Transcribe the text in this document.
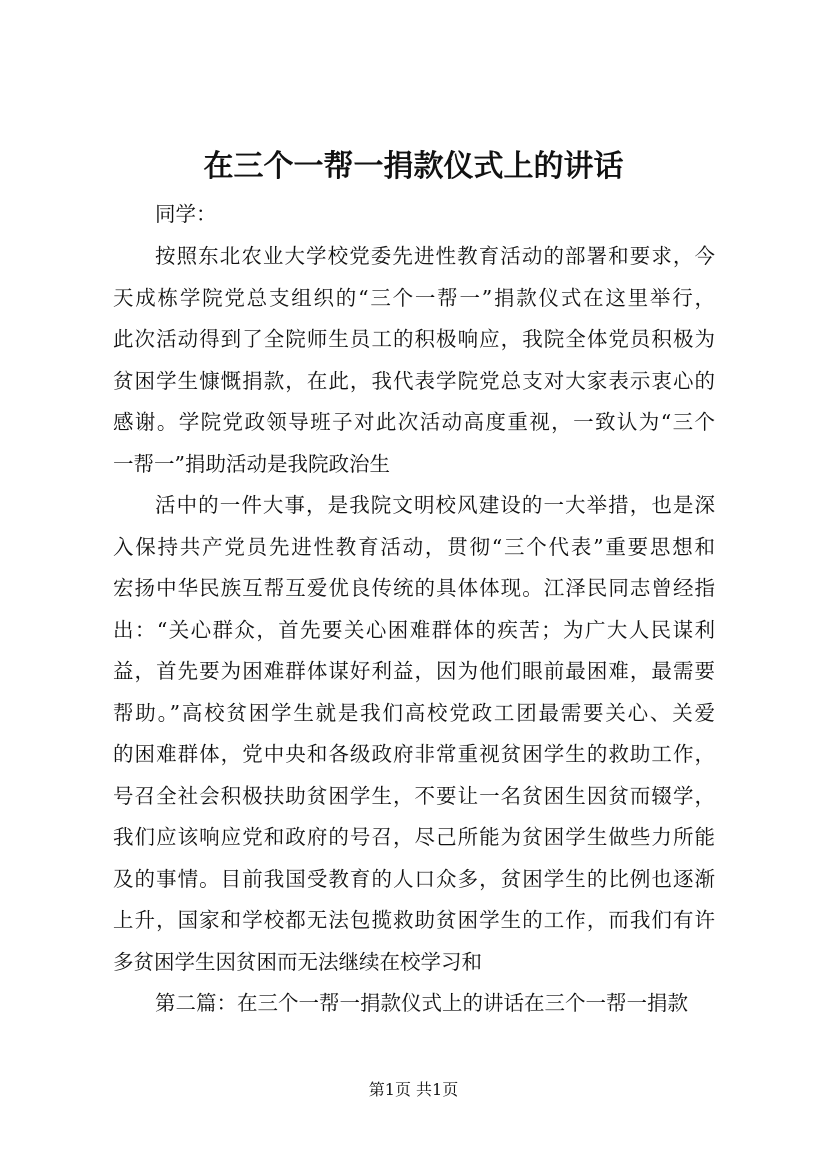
在三个一帮一捐款仪式上的讲话
同学：
按照东北农业大学校党委先进性教育活动的部署和要求，今
天成栋学院党总支组织的“三个一帮一”捐款仪式在这里举行，
此次活动得到了全院师生员工的积极响应，我院全体党员积极为
贫困学生慷慨捐款，在此，我代表学院党总支对大家表示衷心的
感谢。学院党政领导班子对此次活动高度重视，一致认为“三个
一帮一”捐助活动是我院政治生
活中的一件大事，是我院文明校风建设的一大举措，也是深
入保持共产党员先进性教育活动，贯彻“三个代表”重要思想和
宏扬中华民族互帮互爱优良传统的具体体现。江泽民同志曾经指
出：“关心群众，首先要关心困难群体的疾苦；为广大人民谋利
益，首先要为困难群体谋好利益，因为他们眼前最困难，最需要
帮助。”高校贫困学生就是我们高校党政工团最需要关心、关爱
的困难群体，党中央和各级政府非常重视贫困学生的救助工作，
号召全社会积极扶助贫困学生，不要让一名贫困生因贫而辍学，
我们应该响应党和政府的号召，尽己所能为贫困学生做些力所能
及的事情。目前我国受教育的人口众多，贫困学生的比例也逐渐
上升，国家和学校都无法包揽救助贫困学生的工作，而我们有许
多贫困学生因贫困而无法继续在校学习和
第二篇：在三个一帮一捐款仪式上的讲话在三个一帮一捐款
第1页 共1页
